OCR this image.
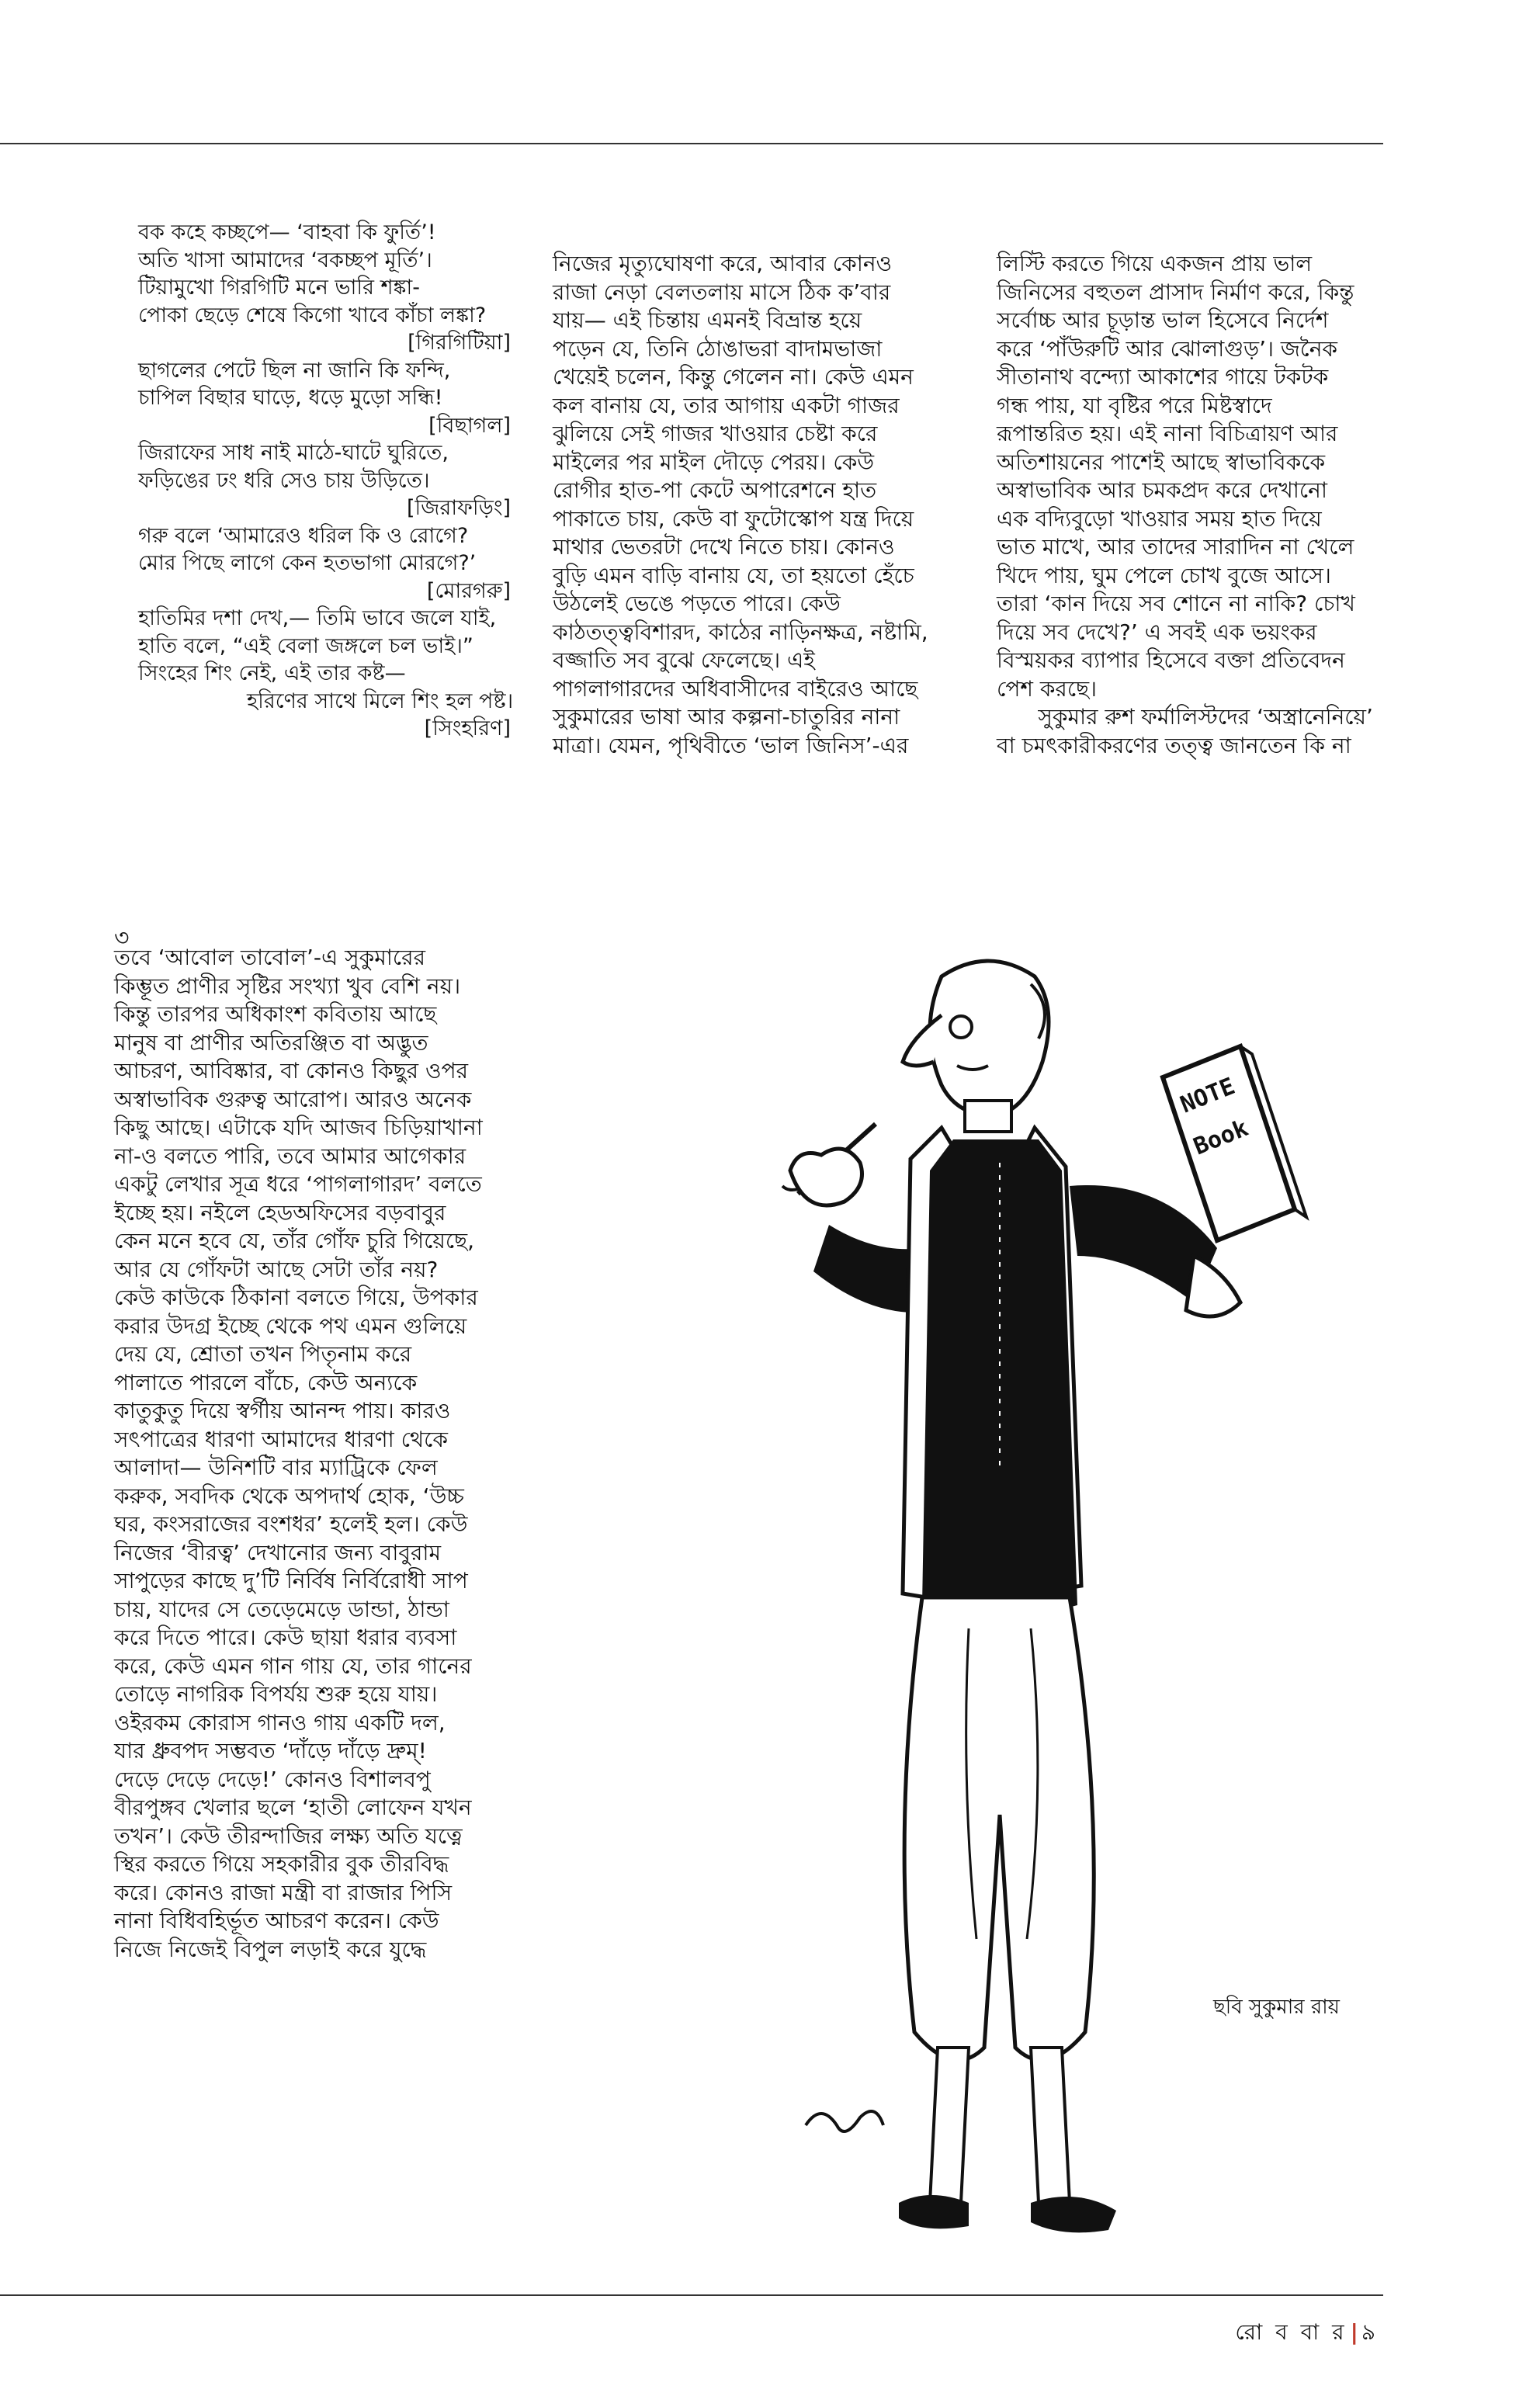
বক কহে কচ্ছপে— ‘বাহবা কি ফুর্তি’!
অতি খাসা আমাদের ‘বকচ্ছপ মূর্তি’।
টিয়ামুখো গিরগিটি মনে ভারি শঙ্কা-
পোকা ছেড়ে শেষে কিগো খাবে কাঁচা লঙ্কা?
[গিরগিটিয়া]
ছাগলের পেটে ছিল না জানি কি ফন্দি,
চাপিল বিছার ঘাড়ে, ধড়ে মুড়ো সন্ধি!
[বিছাগল]
জিরাফের সাধ নাই মাঠে-ঘাটে ঘুরিতে,
ফড়িঙের ঢং ধরি সেও চায় উড়িতে।
[জিরাফড়িং]
গরু বলে ‘আমারেও ধরিল কি ও রোগে?
মোর পিছে লাগে কেন হতভাগা মোরগে?’
[মোরগরু]
হাতিমির দশা দেখ,— তিমি ভাবে জলে যাই,
হাতি বলে, “এই বেলা জঙ্গলে চল ভাই।”
সিংহের শিং নেই, এই তার কষ্ট—
হরিণের সাথে মিলে শিং হল পষ্ট।
[সিংহরিণ]
নিজের মৃত্যুঘোষণা করে, আবার কোনও
রাজা নেড়া বেলতলায় মাসে ঠিক ক’বার
যায়— এই চিন্তায় এমনই বিভ্রান্ত হয়ে
পড়েন যে, তিনি ঠোঙাভরা বাদামভাজা
খেয়েই চলেন, কিন্তু গেলেন না। কেউ এমন
কল বানায় যে, তার আগায় একটা গাজর
ঝুলিয়ে সেই গাজর খাওয়ার চেষ্টা করে
মাইলের পর মাইল দৌড়ে পেরয়। কেউ
রোগীর হাত-পা কেটে অপারেশনে হাত
পাকাতে চায়, কেউ বা ফুটোস্কোপ যন্ত্র দিয়ে
মাথার ভেতরটা দেখে নিতে চায়। কোনও
বুড়ি এমন বাড়ি বানায় যে, তা হয়তো হেঁচে
উঠলেই ভেঙে পড়তে পারে। কেউ
কাঠতত্ত্ববিশারদ, কাঠের নাড়িনক্ষত্র, নষ্টামি,
বজ্জাতি সব বুঝে ফেলেছে। এই
পাগলাগারদের অধিবাসীদের বাইরেও আছে
সুকুমারের ভাষা আর কল্পনা-চাতুরির নানা
মাত্রা। যেমন, পৃথিবীতে ‘ভাল জিনিস’-এর
লিস্টি করতে গিয়ে একজন প্রায় ভাল
জিনিসের বহুতল প্রাসাদ নির্মাণ করে, কিন্তু
সর্বোচ্চ আর চূড়ান্ত ভাল হিসেবে নির্দেশ
করে ‘পাঁউরুটি আর ঝোলাগুড়’। জনৈক
সীতানাথ বন্দ্যো আকাশের গায়ে টকটক
গন্ধ পায়, যা বৃষ্টির পরে মিষ্টস্বাদে
রূপান্তরিত হয়। এই নানা বিচিত্রায়ণ আর
অতিশায়নের পাশেই আছে স্বাভাবিককে
অস্বাভাবিক আর চমকপ্রদ করে দেখানো
এক বদ্যিবুড়ো খাওয়ার সময় হাত দিয়ে
ভাত মাখে, আর তাদের সারাদিন না খেলে
খিদে পায়, ঘুম পেলে চোখ বুজে আসে।
তারা ‘কান দিয়ে সব শোনে না নাকি? চোখ
দিয়ে সব দেখে?’ এ সবই এক ভয়ংকর
বিস্ময়কর ব্যাপার হিসেবে বক্তা প্রতিবেদন
পেশ করছে।
সুকুমার রুশ ফর্মালিস্টদের ‘অস্ত্রানেনিয়ে’
বা চমৎকারীকরণের তত্ত্ব জানতেন কি না
৩
তবে ‘আবোল তাবোল’-এ সুকুমারের
কিম্ভূত প্রাণীর সৃষ্টির সংখ্যা খুব বেশি নয়।
কিন্তু তারপর অধিকাংশ কবিতায় আছে
মানুষ বা প্রাণীর অতিরঞ্জিত বা অদ্ভুত
আচরণ, আবিষ্কার, বা কোনও কিছুর ওপর
অস্বাভাবিক গুরুত্ব আরোপ। আরও অনেক
কিছু আছে। এটাকে যদি আজব চিড়িয়াখানা
না-ও বলতে পারি, তবে আমার আগেকার
একটু লেখার সূত্র ধরে ‘পাগলাগারদ’ বলতে
ইচ্ছে হয়। নইলে হেডঅফিসের বড়বাবুর
কেন মনে হবে যে, তাঁর গোঁফ চুরি গিয়েছে,
আর যে গোঁফটা আছে সেটা তাঁর নয়?
কেউ কাউকে ঠিকানা বলতে গিয়ে, উপকার
করার উদগ্র ইচ্ছে থেকে পথ এমন গুলিয়ে
দেয় যে, শ্রোতা তখন পিতৃনাম করে
পালাতে পারলে বাঁচে, কেউ অন্যকে
কাতুকুতু দিয়ে স্বর্গীয় আনন্দ পায়। কারও
সৎপাত্রের ধারণা আমাদের ধারণা থেকে
আলাদা— উনিশটি বার ম্যাট্রিকে ফেল
করুক, সবদিক থেকে অপদার্থ হোক, ‘উচ্চ
ঘর, কংসরাজের বংশধর’ হলেই হল। কেউ
নিজের ‘বীরত্ব’ দেখানোর জন্য বাবুরাম
সাপুড়ের কাছে দু’টি নির্বিষ নির্বিরোধী সাপ
চায়, যাদের সে তেড়েমেড়ে ডান্ডা, ঠান্ডা
করে দিতে পারে। কেউ ছায়া ধরার ব্যবসা
করে, কেউ এমন গান গায় যে, তার গানের
তোড়ে নাগরিক বিপর্যয় শুরু হয়ে যায়।
ওইরকম কোরাস গানও গায় একটি দল,
যার ধ্রুবপদ সম্ভবত ‘দাঁড়ে দাঁড়ে দ্রুম্!
দেড়ে দেড়ে দেড়ে!’ কোনও বিশালবপু
বীরপুঙ্গব খেলার ছলে ‘হাতী লোফেন যখন
তখন’। কেউ তীরন্দাজির লক্ষ্য অতি যত্নে
স্থির করতে গিয়ে সহকারীর বুক তীরবিদ্ধ
করে। কোনও রাজা মন্ত্রী বা রাজার পিসি
নানা বিধিবহির্ভূত আচরণ করেন। কেউ
নিজে নিজেই বিপুল লড়াই করে যুদ্ধে
NOTE
Book
ছবি সুকুমার রায়
রো ব বা র | ৯
